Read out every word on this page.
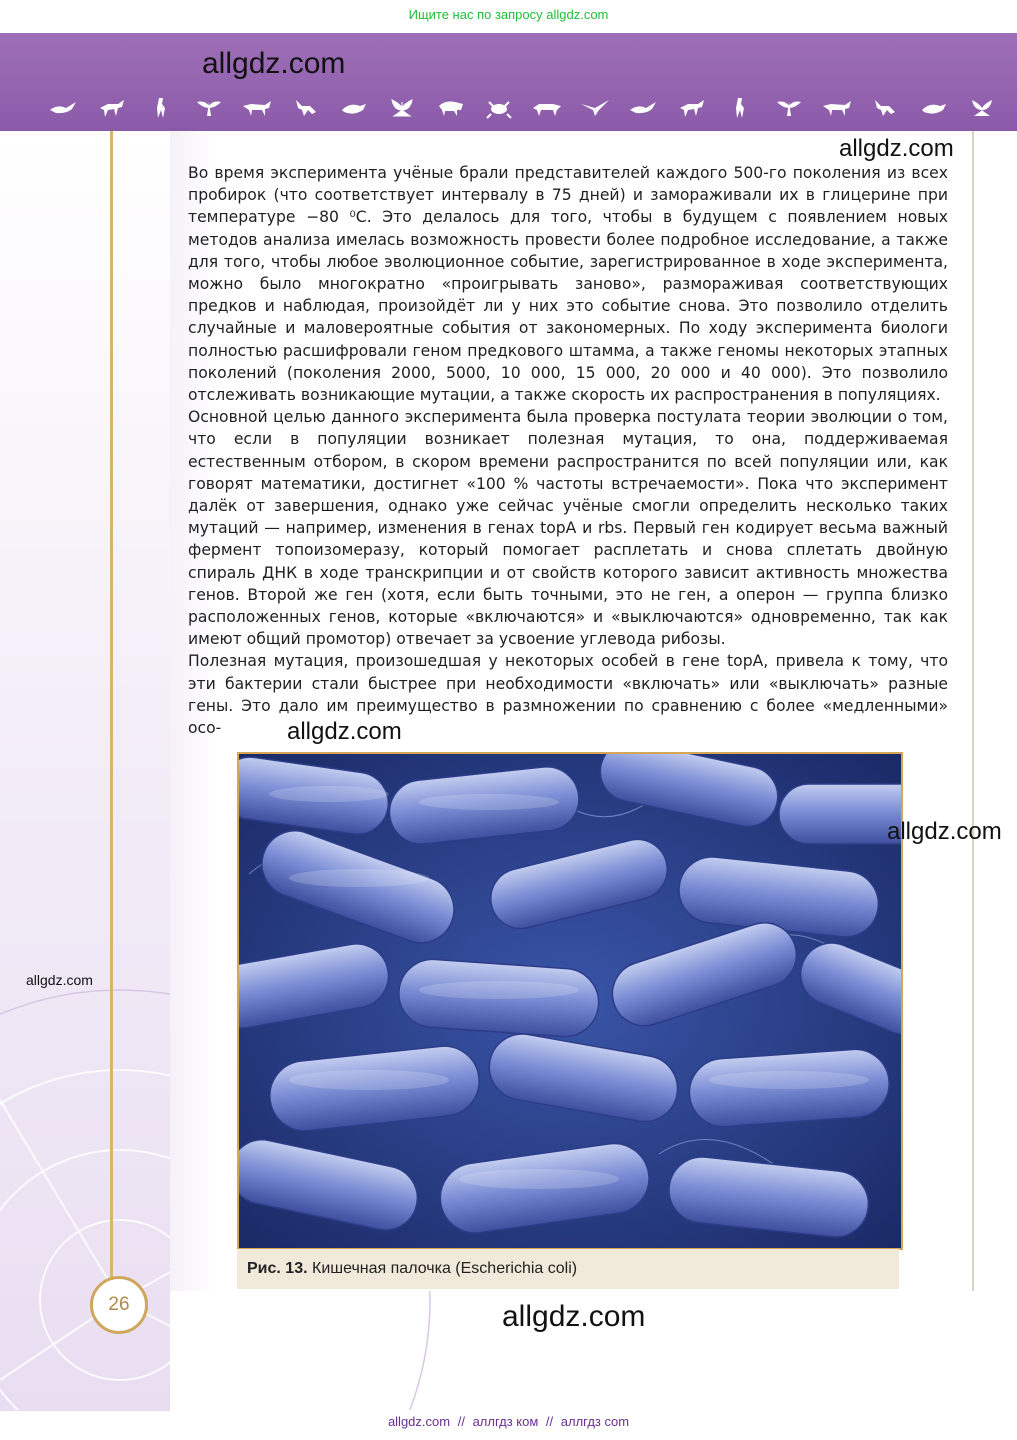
Ищите нас по запросу allgdz.com
allgdz.com
allgdz.com

Во время эксперимента учёные брали представителей каждого 500-го поколения из всех пробирок (что соответствует интервалу в 75 дней) и замораживали их в глицерине при температуре −80 ⁰С. Это делалось для того, чтобы в будущем с появлением новых методов анализа имелась возможность провести более подробное исследование, а также для того, чтобы любое эволюционное событие, зарегистрированное в ходе эксперимента, можно было многократно «проигрывать заново», размораживая соответствующих предков и наблюдая, произойдёт ли у них это событие снова. Это позволило отделить случайные и маловероятные события от закономерных. По ходу эксперимента биологи полностью расшифровали геном предкового штамма, а также геномы некоторых этапных поколений (поколения 2000, 5000, 10 000, 15 000, 20 000 и 40 000). Это позволило отслеживать возникающие мутации, а также скорость их распространения в популяциях.

Основной целью данного эксперимента была проверка постулата теории эволюции о том, что если в популяции возникает полезная мутация, то она, поддерживаемая естественным отбором, в скором времени распространится по всей популяции или, как говорят математики, достигнет «100 % частоты встречаемости». Пока что эксперимент далёк от завершения, однако уже сейчас учёные смогли определить несколько таких мутаций — например, изменения в генах topA и rbs. Первый ген кодирует весьма важный фермент топоизомеразу, который помогает расплетать и снова сплетать двойную спираль ДНК в ходе транскрипции и от свойств которого зависит активность множества генов. Второй же ген (хотя, если быть точными, это не ген, а оперон — группа близко расположенных генов, которые «включаются» и «выключаются» одновременно, так как имеют общий промотор) отвечает за усвоение углевода рибозы.

Полезная мутация, произошедшая у некоторых особей в гене topA, привела к тому, что эти бактерии стали быстрее при необходимости «включать» или «выключать» разные гены. Это дало им преимущество в размножении по сравнению с более «медленными» осо-	allgdz.com
allgdz.com
allgdz.com
Рис. 13. Кишечная палочка (Escherichia coli)
26	allgdz.com
allgdz.com // аллгдз ком // аллгдз com
